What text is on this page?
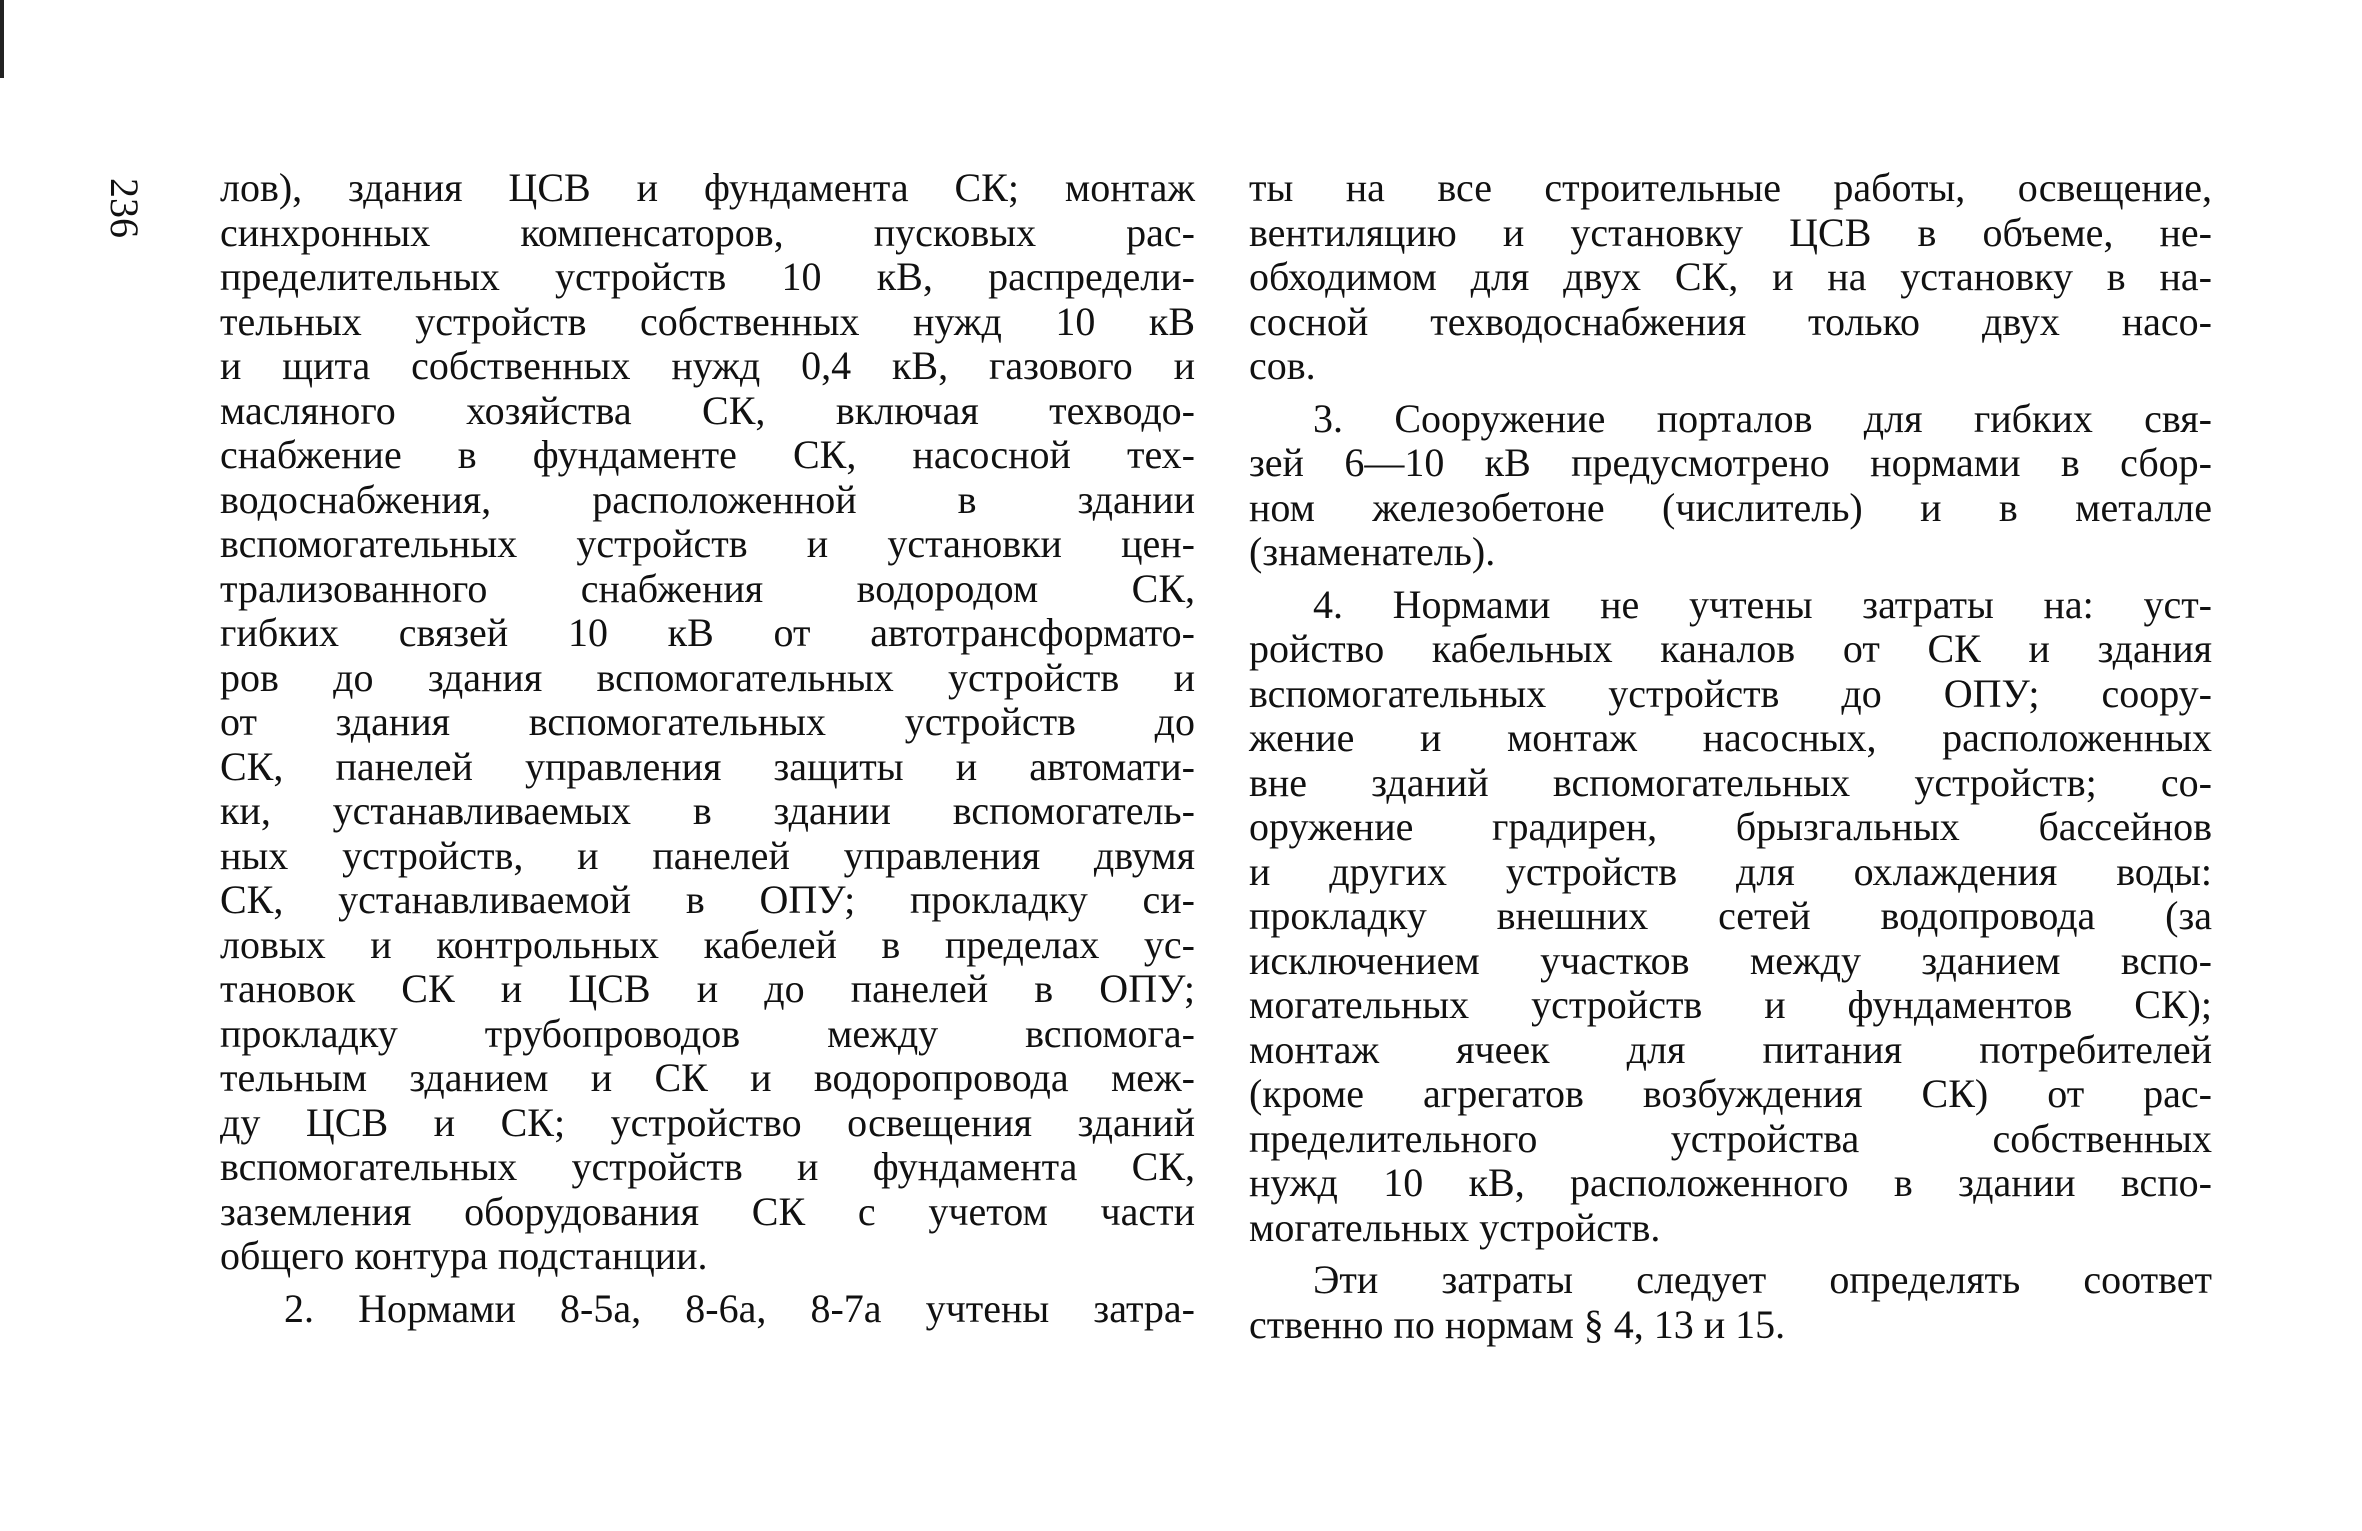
236 лов), здания ЦСВ и фундамента СК; монтаж
синхронных компенсаторов, пусковых рас-
пределительных устройств 10 кВ, распредели-
тельных устройств собственных нужд 10 кВ
и щита собственных нужд 0,4 кВ, газового и
масляного хозяйства СК, включая техводо-
снабжение в фундаменте СК, насосной тех-
водоснабжения, расположенной в здании
вспомогательных устройств и установки цен-
трализованного снабжения водородом СК,
гибких связей 10 кВ от автотрансформато-
ров до здания вспомогательных устройств и
от здания вспомогательных устройств до
СК, панелей управления защиты и автомати-
ки, устанавливаемых в здании вспомогатель-
ных устройств, и панелей управления двумя
СК, устанавливаемой в ОПУ; прокладку си-
ловых и контрольных кабелей в пределах ус-
тановок СК и ЦСВ и до панелей в ОПУ;
прокладку трубопроводов между вспомога-
тельным зданием и СК и водоропровода меж-
ду ЦСВ и СК; устройство освещения зданий
вспомогательных устройств и фундамента СК,
заземления оборудования СК с учетом части
общего контура подстанции.
2. Нормами 8-5а, 8-6а, 8-7а учтены затра-
ты на все строительные работы, освещение,
вентиляцию и установку ЦСВ в объеме, не-
обходимом для двух СК, и на установку в на-
сосной техводоснабжения только двух насо-
сов.
3. Сооружение порталов для гибких свя-
зей 6—10 кВ предусмотрено нормами в сбор-
ном железобетоне (числитель) и в металле
(знаменатель).
4. Нормами не учтены затраты на: уст-
ройство кабельных каналов от СК и здания
вспомогательных устройств до ОПУ; соору-
жение и монтаж насосных, расположенных
вне зданий вспомогательных устройств; со-
оружение градирен, брызгальных бассейнов
и других устройств для охлаждения воды:
прокладку внешних сетей водопровода (за
исключением участков между зданием вспо-
могательных устройств и фундаментов СК);
монтаж ячеек для питания потребителей
(кроме агрегатов возбуждения СК) от рас-
пределительного устройства собственных
нужд 10 кВ, расположенного в здании вспо-
могательных устройств.
Эти затраты следует определять соответ
ственно по нормам § 4, 13 и 15.
